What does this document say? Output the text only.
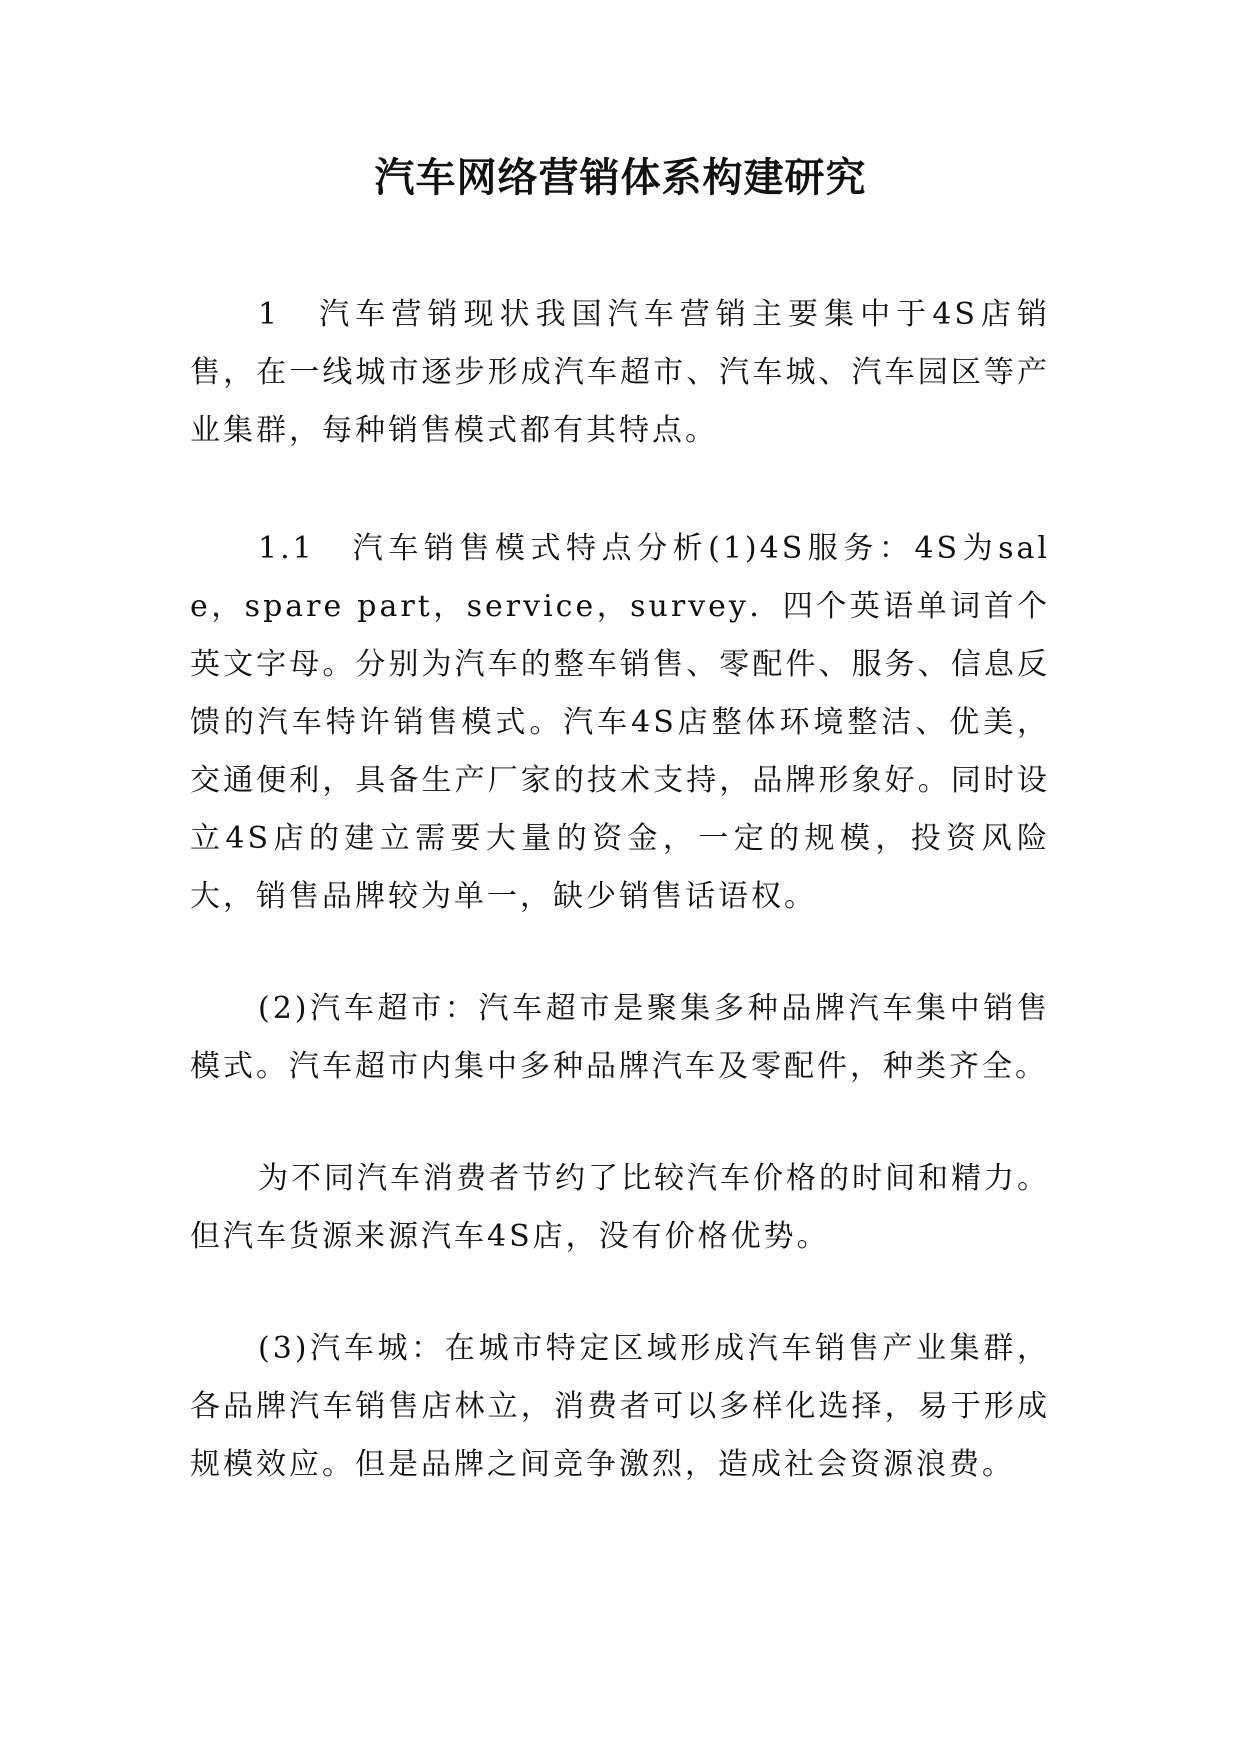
汽车网络营销体系构建研究

1　汽车营销现状我国汽车营销主要集中于4S店销售，在一线城市逐步形成汽车超市、汽车城、汽车园区等产业集群，每种销售模式都有其特点。

1.1　汽车销售模式特点分析(1)4S服务：4S为sale，spare part，service，survey．四个英语单词首个英文字母。分别为汽车的整车销售、零配件、服务、信息反馈的汽车特许销售模式。汽车4S店整体环境整洁、优美，交通便利，具备生产厂家的技术支持，品牌形象好。同时设立4S店的建立需要大量的资金，一定的规模，投资风险大，销售品牌较为单一，缺少销售话语权。

(2)汽车超市：汽车超市是聚集多种品牌汽车集中销售模式。汽车超市内集中多种品牌汽车及零配件，种类齐全。

为不同汽车消费者节约了比较汽车价格的时间和精力。但汽车货源来源汽车4S店，没有价格优势。

(3)汽车城：在城市特定区域形成汽车销售产业集群，各品牌汽车销售店林立，消费者可以多样化选择，易于形成规模效应。但是品牌之间竞争激烈，造成社会资源浪费。
